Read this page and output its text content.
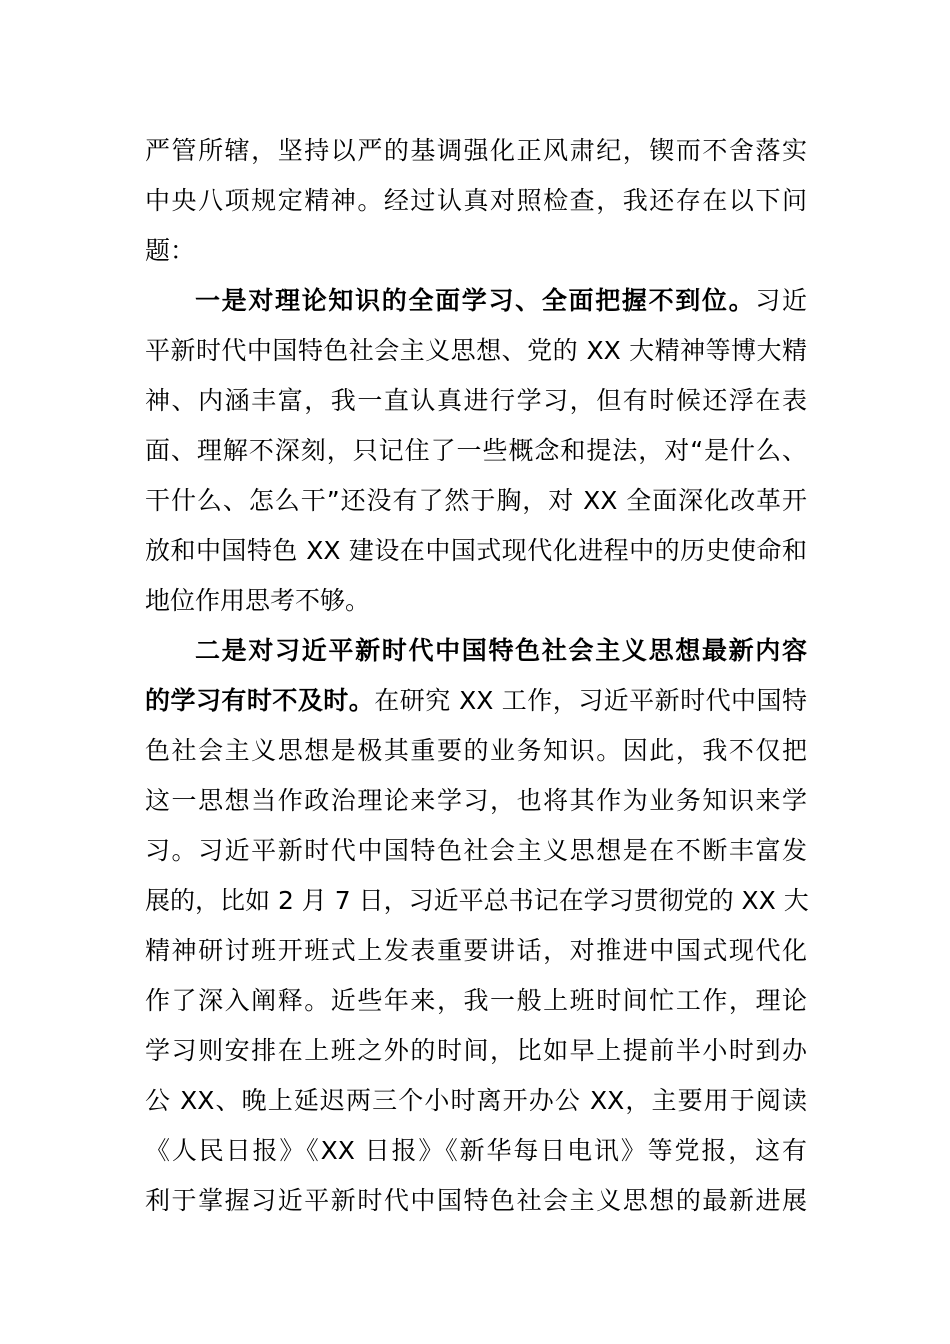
严管所辖，坚持以严的基调强化正风肃纪，锲而不舍落实
中央八项规定精神。经过认真对照检查，我还存在以下问
题：
一是对理论知识的全面学习、全面把握不到位。习近
平新时代中国特色社会主义思想、党的 XX 大精神等博大精
神、内涵丰富，我一直认真进行学习，但有时候还浮在表
面、理解不深刻，只记住了一些概念和提法，对“是什么、
干什么、怎么干”还没有了然于胸，对 XX 全面深化改革开
放和中国特色 XX 建设在中国式现代化进程中的历史使命和
地位作用思考不够。
二是对习近平新时代中国特色社会主义思想最新内容
的学习有时不及时。在研究 XX 工作，习近平新时代中国特
色社会主义思想是极其重要的业务知识。因此，我不仅把
这一思想当作政治理论来学习，也将其作为业务知识来学
习。习近平新时代中国特色社会主义思想是在不断丰富发
展的，比如 2 月 7 日，习近平总书记在学习贯彻党的 XX 大
精神研讨班开班式上发表重要讲话，对推进中国式现代化
作了深入阐释。近些年来，我一般上班时间忙工作，理论
学习则安排在上班之外的时间，比如早上提前半小时到办
公 XX、晚上延迟两三个小时离开办公 XX，主要用于阅读
《人民日报》《XX 日报》《新华每日电讯》等党报，这有
利于掌握习近平新时代中国特色社会主义思想的最新进展
